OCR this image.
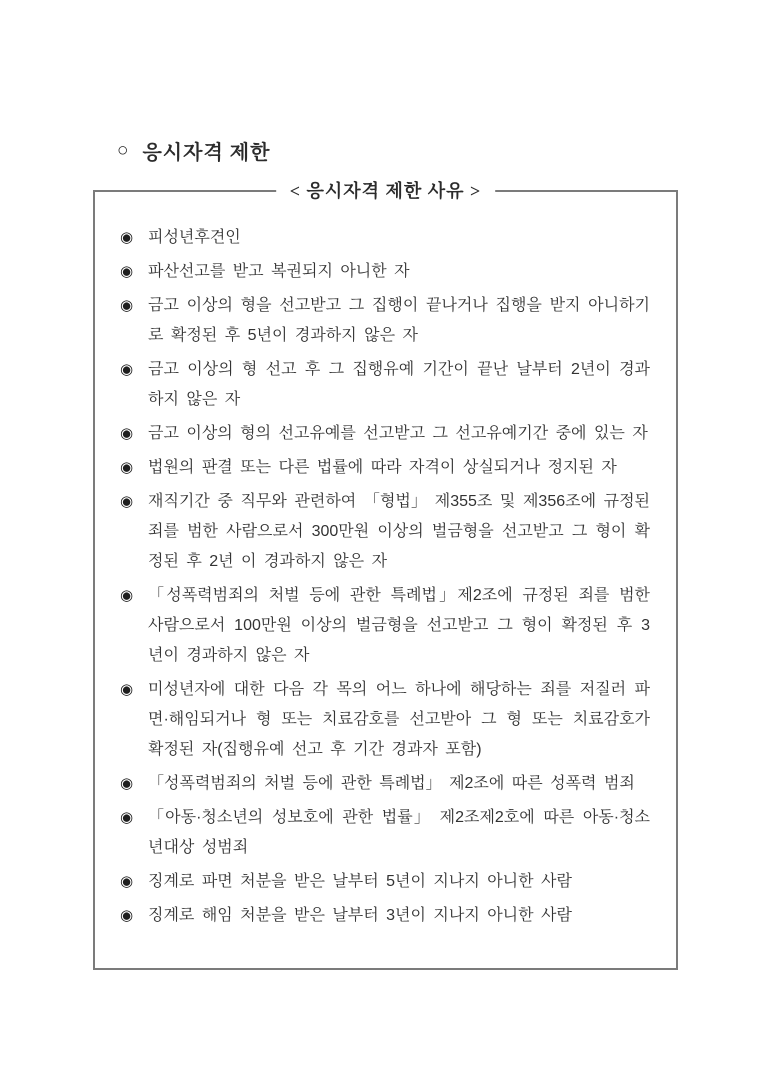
○ 응시자격 제한
< 응시자격 제한 사유 >
◉ 피성년후견인
◉ 파산선고를 받고 복권되지 아니한 자
◉ 금고 이상의 형을 선고받고 그 집행이 끝나거나 집행을 받지 아니하기로 확정된 후 5년이 경과하지 않은 자
◉ 금고 이상의 형 선고 후 그 집행유예 기간이 끝난 날부터 2년이 경과하지 않은 자
◉ 금고 이상의 형의 선고유예를 선고받고 그 선고유예기간 중에 있는 자
◉ 법원의 판결 또는 다른 법률에 따라 자격이 상실되거나 정지된 자
◉ 재직기간 중 직무와 관련하여 「형법」 제355조 및 제356조에 규정된 죄를 범한 사람으로서 300만원 이상의 벌금형을 선고받고 그 형이 확정된 후 2년 이 경과하지 않은 자
◉ 「성폭력범죄의 처벌 등에 관한 특례법」제2조에 규정된 죄를 범한 사람으로서 100만원 이상의 벌금형을 선고받고 그 형이 확정된 후 3년이 경과하지 않은 자
◉ 미성년자에 대한 다음 각 목의 어느 하나에 해당하는 죄를 저질러 파면·해임되거나 형 또는 치료감호를 선고받아 그 형 또는 치료감호가 확정된 자(집행유예 선고 후 기간 경과자 포함)
◉ 「성폭력범죄의 처벌 등에 관한 특례법」 제2조에 따른 성폭력 범죄
◉ 「아동·청소년의 성보호에 관한 법률」 제2조제2호에 따른 아동·청소년대상 성범죄
◉ 징계로 파면 처분을 받은 날부터 5년이 지나지 아니한 사람
◉ 징계로 해임 처분을 받은 날부터 3년이 지나지 아니한 사람
